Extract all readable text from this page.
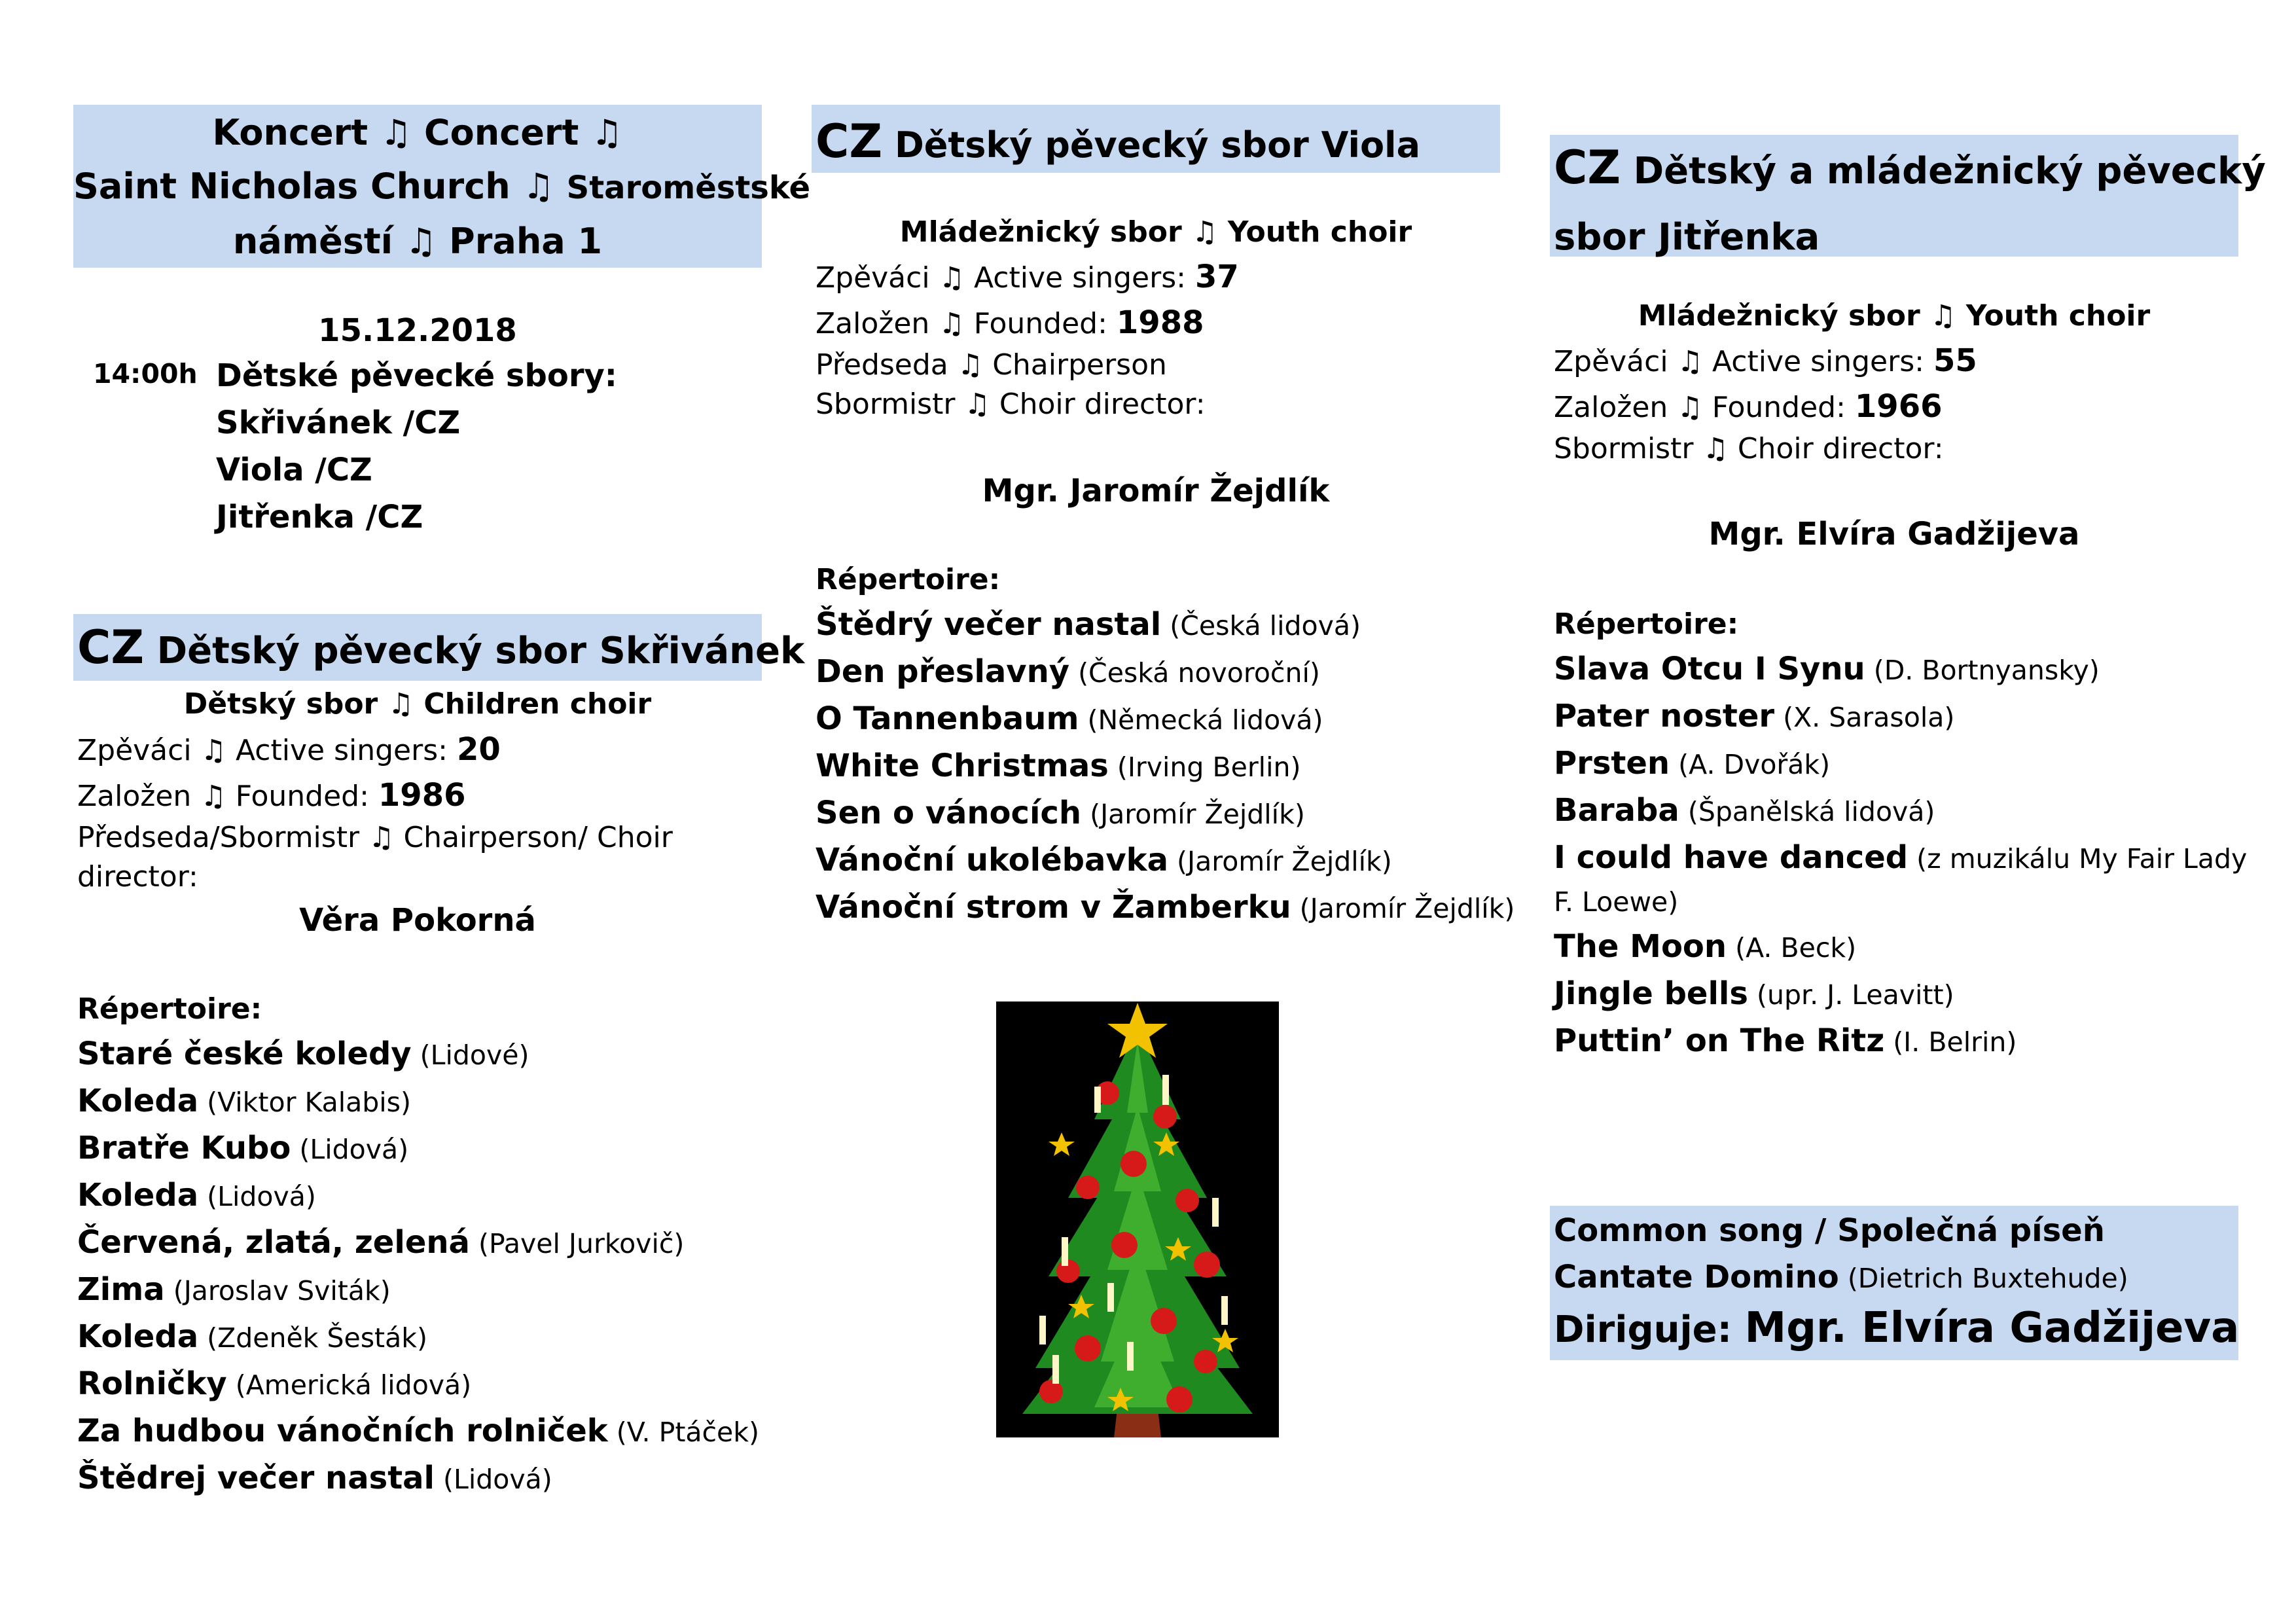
Koncert ♫ Concert ♫
Saint Nicholas Church ♫ Staroměstské
náměstí ♫ Praha 1
15.12.2018
14:00h Dětské pěvecké sbory:
Skřivánek /CZ
Viola /CZ
Jitřenka /CZ
CZ Dětský pěvecký sbor Skřivánek
Dětský sbor ♫ Children choir
Zpěváci ♫ Active singers: 20
Založen ♫ Founded: 1986
Předseda/Sbormistr ♫ Chairperson/ Choir
director:
Věra Pokorná
Répertoire:
Staré české koledy (Lidové)
Koleda (Viktor Kalabis)
Bratře Kubo (Lidová)
Koleda (Lidová)
Červená, zlatá, zelená (Pavel Jurkovič)
Zima (Jaroslav Sviták)
Koleda (Zdeněk Šesták)
Rolničky (Americká lidová)
Za hudbou vánočních rolniček (V. Ptáček)
Štědrej večer nastal (Lidová)
CZ Dětský pěvecký sbor Viola
Mládežnický sbor ♫ Youth choir
Zpěváci ♫ Active singers: 37
Založen ♫ Founded: 1988
Předseda ♫ Chairperson
Sbormistr ♫ Choir director:
Mgr. Jaromír Žejdlík
Répertoire:
Štědrý večer nastal (Česká lidová)
Den přeslavný (Česká novoroční)
O Tannenbaum (Německá lidová)
White Christmas (Irving Berlin)
Sen o vánocích (Jaromír Žejdlík)
Vánoční ukolébavka (Jaromír Žejdlík)
Vánoční strom v Žamberku (Jaromír Žejdlík)
CZ Dětský a mládežnický pěvecký
sbor Jitřenka
Mládežnický sbor ♫ Youth choir
Zpěváci ♫ Active singers: 55
Založen ♫ Founded: 1966
Sbormistr ♫ Choir director:
Mgr. Elvíra Gadžijeva
Répertoire:
Slava Otcu I Synu (D. Bortnyansky)
Pater noster (X. Sarasola)
Prsten (A. Dvořák)
Baraba (Španělská lidová)
I could have danced (z muzikálu My Fair Lady
F. Loewe)
The Moon (A. Beck)
Jingle bells (upr. J. Leavitt)
Puttin’ on The Ritz (I. Belrin)
Common song / Společná píseň
Cantate Domino (Dietrich Buxtehude)
Diriguje: Mgr. Elvíra Gadžijeva
